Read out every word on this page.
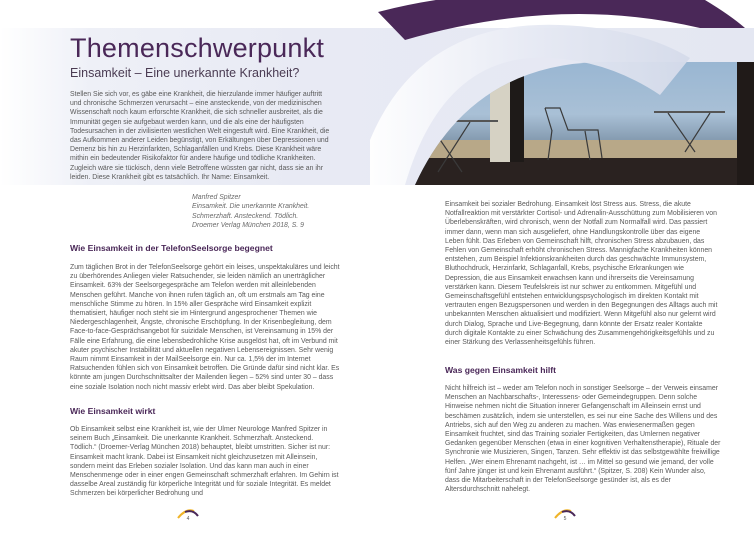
Themenschwerpunkt
Einsamkeit – Eine unerkannte Krankheit?

Stellen Sie sich vor, es gäbe eine Krankheit, die hierzulande immer häufiger auftritt und chronische Schmerzen verursacht – eine ansteckende, von der medizinischen Wissenschaft noch kaum erforschte Krankheit, die sich schneller ausbreitet, als die Immunität gegen sie aufgebaut werden kann, und die als eine der häufigsten Todesursachen in der zivilisierten westlichen Welt eingestuft wird. Eine Krankheit, die das Aufkommen anderer Leiden begünstigt, von Erkältungen über Depressionen und Demenz bis hin zu Herzinfarkten, Schlaganfällen und Krebs. Diese Krankheit wäre mithin ein bedeutender Risikofaktor für andere häufige und tödliche Krankheiten. Zugleich wäre sie tückisch, denn viele Betroffene wüssten gar nicht, dass sie an ihr leiden. Diese Krankheit gibt es tatsächlich. Ihr Name: Einsamkeit.

Manfred Spitzer
Einsamkeit. Die unerkannte Krankheit.
Schmerzhaft. Ansteckend. Tödlich.
Droemer Verlag München 2018, S. 9
Wie Einsamkeit in der TelefonSeelsorge begegnet

Zum täglichen Brot in der TelefonSeelsorge gehört ein leises, unspektakuläres und leicht zu überhörendes Anliegen vieler Ratsuchender, sie leiden nämlich an unerträglicher Einsamkeit. 63% der Seelsorgegespräche am Telefon werden mit alleinlebenden Menschen geführt. Manche von ihnen rufen täglich an, oft um erstmals am Tag eine menschliche Stimme zu hören. In 15% aller Gespräche wird Einsamkeit explizit thematisiert, häufiger noch steht sie im Hintergrund angesprochener Themen wie Niedergeschlagenheit, Ängste, chronische Erschöpfung. In der Krisenbegleitung, dem Face-to-face-Gesprächsangebot für suizidale Menschen, ist Vereinsamung in 15% der Fälle eine Erfahrung, die eine lebensbedrohliche Krise ausgelöst hat, oft im Verbund mit akuter psychischer Instabilität und aktuellen negativen Lebensereignissen. Sehr wenig Raum nimmt Einsamkeit in der MailSeelsorge ein. Nur ca. 1,5% der im Internet Ratsuchenden fühlen sich von Einsamkeit betroffen. Die Gründe dafür sind nicht klar. Es könnte am jungen Durchschnittsalter der Mailenden liegen – 52% sind unter 30 – dass eine soziale Isolation noch nicht massiv erlebt wird. Das aber bleibt Spekulation.

Wie Einsamkeit wirkt

Ob Einsamkeit selbst eine Krankheit ist, wie der Ulmer Neurologe Manfred Spitzer in seinem Buch „Einsamkeit. Die unerkannte Krankheit. Schmerzhaft. Ansteckend. Tödlich.“ (Droemer-Verlag München 2018) behauptet, bleibt umstritten. Sicher ist nur: Einsamkeit macht krank. Dabei ist Einsamkeit nicht gleichzusetzen mit Alleinsein, sondern meint das Erleben sozialer Isolation. Und das kann man auch in einer Menschenmenge oder in einer engen Gemeinschaft schmerzhaft erfahren. Im Gehirn ist dasselbe Areal zuständig für körperliche Integrität und für soziale Integrität. Es meldet Schmerzen bei körperlicher Bedrohung und

Einsamkeit bei sozialer Bedrohung. Einsamkeit löst Stress aus. Stress, die akute Notfallreaktion mit verstärkter Cortisol- und Adrenalin-Ausschüttung zum Mobilisieren von Überlebenskräften, wird chronisch, wenn der Notfall zum Normalfall wird. Das passiert immer dann, wenn man sich ausgeliefert, ohne Handlungskontrolle über das eigene Leben fühlt. Das Erleben von Gemeinschaft hilft, chronischen Stress abzubauen, das Fehlen von Gemeinschaft erhöht chronischen Stress. Mannigfache Krankheiten können entstehen, zum Beispiel Infektionskrankheiten durch das geschwächte Immunsystem, Bluthochdruck, Herzinfarkt, Schlaganfall, Krebs, psychische Erkrankungen wie Depression, die aus Einsamkeit erwachsen kann und ihrerseits die Vereinsamung verstärken kann. Diesem Teufelskreis ist nur schwer zu entkommen. Mitgefühl und Gemeinschaftsgefühl entstehen entwicklungspsychologisch im direkten Kontakt mit vertrauten engen Bezugspersonen und werden in den Begegnungen des Alltags auch mit unbekannten Menschen aktualisiert und modifiziert. Wenn Mitgefühl also nur gelernt wird durch Dialog, Sprache und Live-Begegnung, dann könnte der Ersatz realer Kontakte durch digitale Kontakte zu einer Schwächung des Zusammengehörigkeitsgefühls und zu einer Stärkung des Verlassenheitsgefühls führen.

Was gegen Einsamkeit hilft

Nicht hilfreich ist – weder am Telefon noch in sonstiger Seelsorge – der Verweis einsamer Menschen an Nachbarschafts-, Interessens- oder Gemeindegruppen. Denn solche Hinweise nehmen nicht die Situation innerer Gefangenschaft im Alleinsein ernst und beschämen zusätzlich, indem sie unterstellen, es sei nur eine Sache des Willens und des Antriebs, sich auf den Weg zu anderen zu machen. Was erwiesenermaßen gegen Einsamkeit fruchtet, sind das Training sozialer Fertigkeiten, das Umlernen negativer Gedanken gegenüber Menschen (etwa in einer kognitiven Verhaltenstherapie), Rituale der Synchronie wie Musizieren, Singen, Tanzen. Sehr effektiv ist das selbstgewählte freiwillige Helfen. „Wer einem Ehrenamt nachgeht, ist … im Mittel so gesund wie jemand, der volle fünf Jahre jünger ist und kein Ehrenamt ausführt.“ (Spitzer, S. 208) Kein Wunder also, dass die Mitarbeiterschaft in der TelefonSeelsorge gesünder ist, als es der Altersdurchschnitt nahelegt.

4	5
